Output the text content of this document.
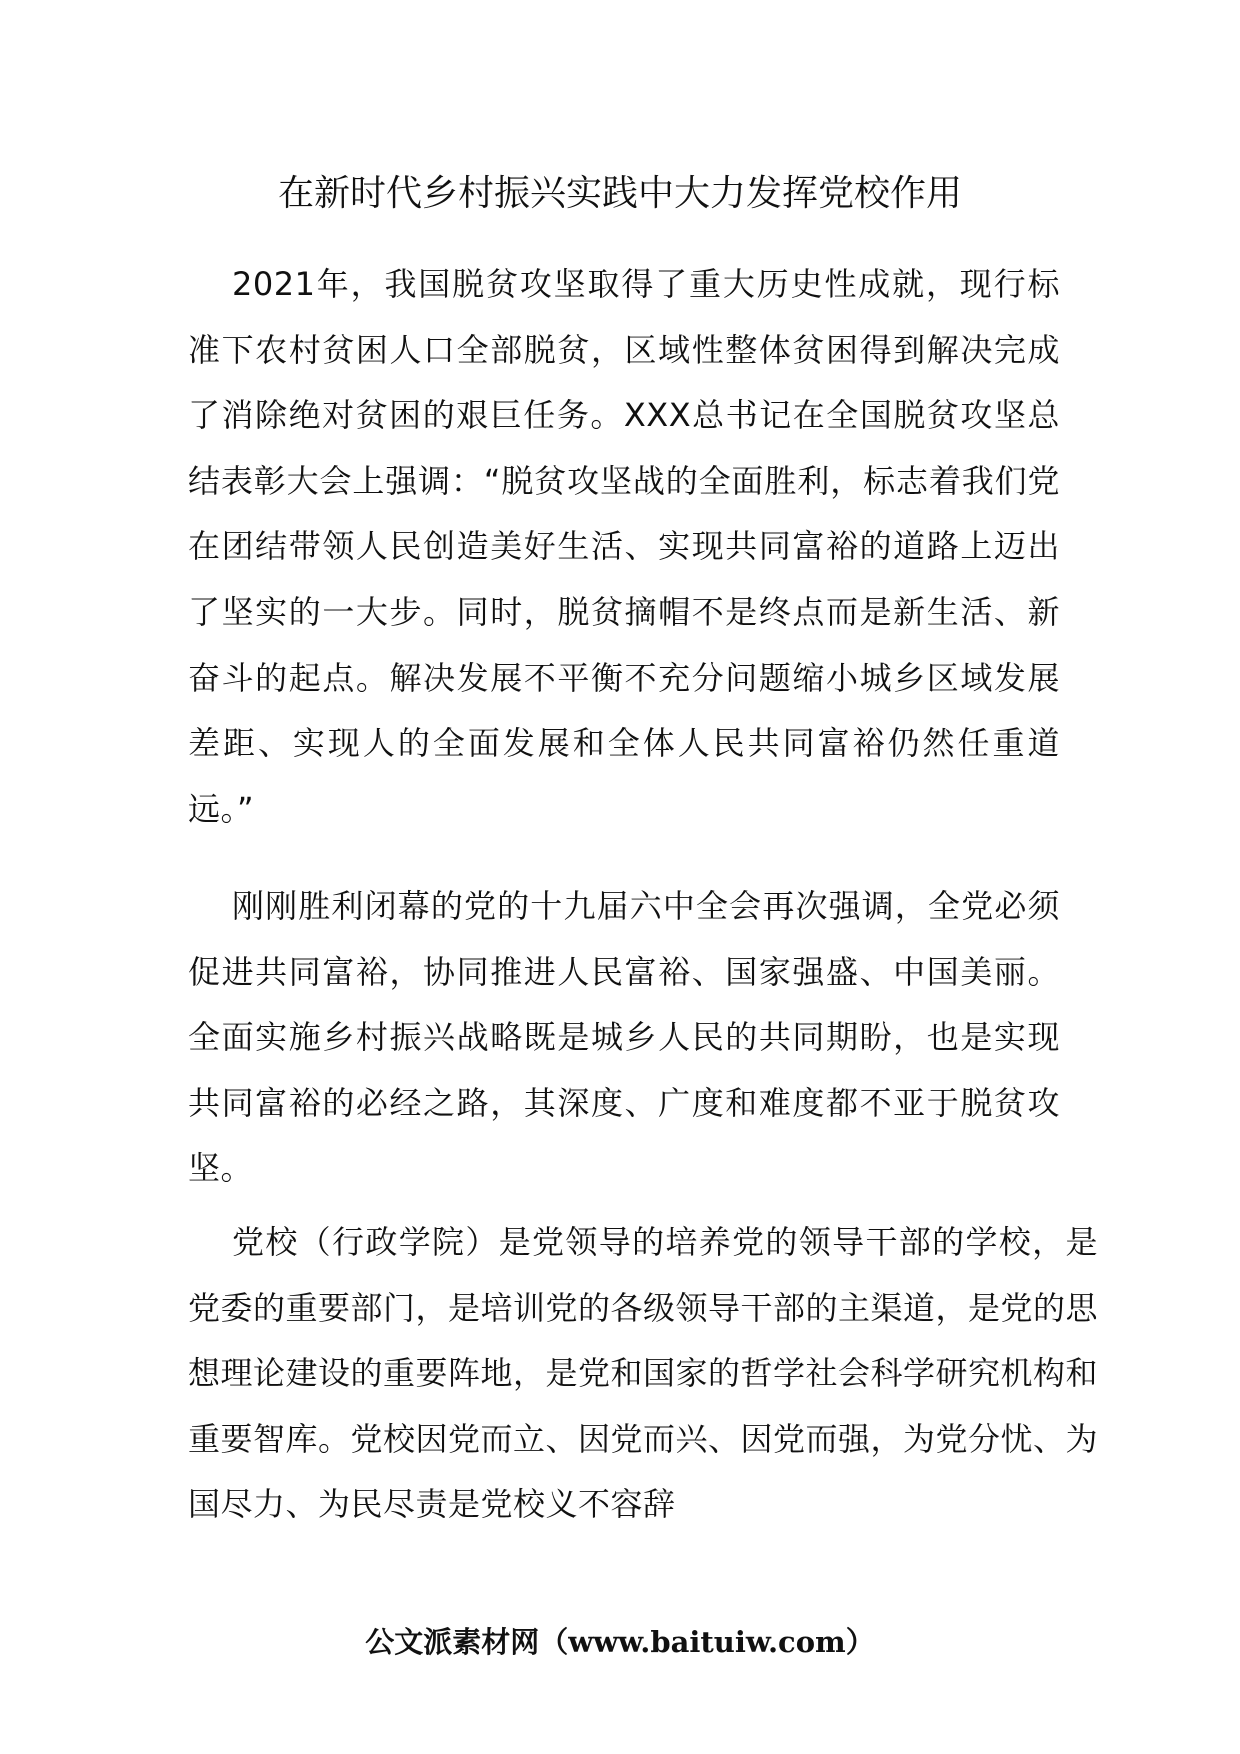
在新时代乡村振兴实践中大力发挥党校作用

2021年，我国脱贫攻坚取得了重大历史性成就，现行标准下农村贫困人口全部脱贫，区域性整体贫困得到解决完成了消除绝对贫困的艰巨任务。XXX总书记在全国脱贫攻坚总结表彰大会上强调：“脱贫攻坚战的全面胜利，标志着我们党在团结带领人民创造美好生活、实现共同富裕的道路上迈出了坚实的一大步。同时，脱贫摘帽不是终点而是新生活、新奋斗的起点。解决发展不平衡不充分问题缩小城乡区域发展差距、实现人的全面发展和全体人民共同富裕仍然任重道远。”

刚刚胜利闭幕的党的十九届六中全会再次强调，全党必须促进共同富裕，协同推进人民富裕、国家强盛、中国美丽。全面实施乡村振兴战略既是城乡人民的共同期盼，也是实现共同富裕的必经之路，其深度、广度和难度都不亚于脱贫攻坚。

党校（行政学院）是党领导的培养党的领导干部的学校，是党委的重要部门，是培训党的各级领导干部的主渠道，是党的思想理论建设的重要阵地，是党和国家的哲学社会科学研究机构和重要智库。党校因党而立、因党而兴、因党而强，为党分忧、为国尽力、为民尽责是党校义不容辞

公文派素材网（www.baituiw.com）
